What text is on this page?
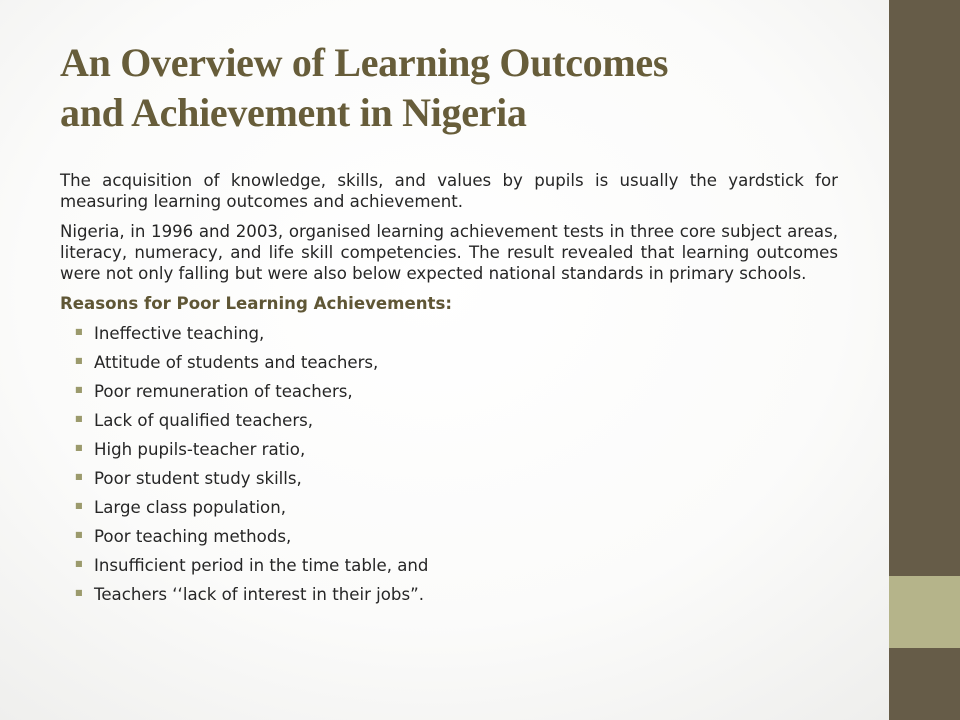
An Overview of Learning Outcomes
and Achievement in Nigeria

The acquisition of knowledge, skills, and values by pupils is usually the yardstick for measuring learning outcomes and achievement.

Nigeria, in 1996 and 2003, organised learning achievement tests in three core subject areas, literacy, numeracy, and life skill competencies. The result revealed that learning outcomes were not only falling but were also below expected national standards in primary schools.

Reasons for Poor Learning Achievements:

■ Ineffective teaching,
■ Attitude of students and teachers,
■ Poor remuneration of teachers,
■ Lack of qualified teachers,
■ High pupils-teacher ratio,
■ Poor student study skills,
■ Large class population,
■ Poor teaching methods,
■ Insufficient period in the time table, and
■ Teachers ‘‘lack of interest in their jobs”.
